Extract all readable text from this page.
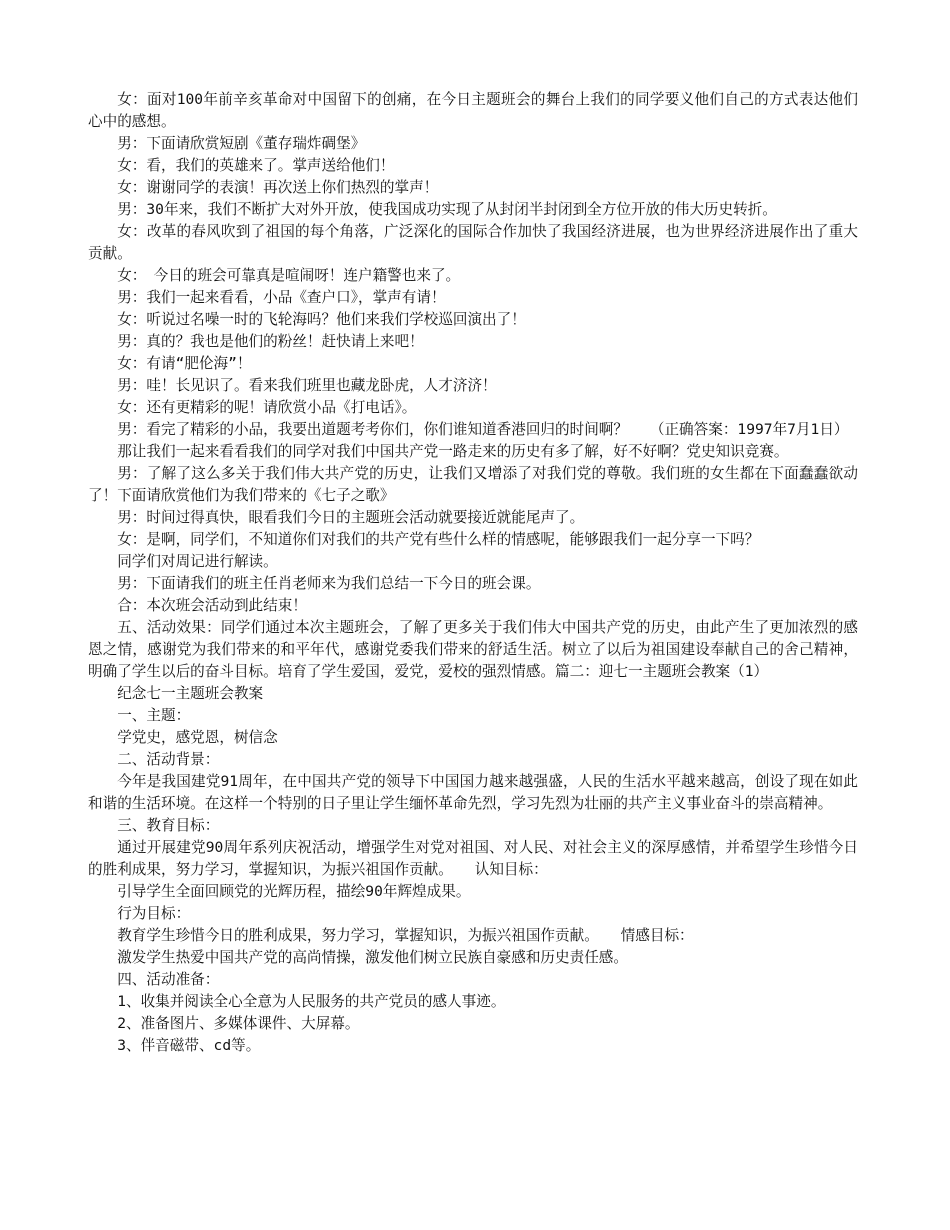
女：面对100年前辛亥革命对中国留下的创痛，在今日主题班会的舞台上我们的同学要义他们自己的方式表达他们心中的感想。

男：下面请欣赏短剧《董存瑞炸碉堡》

女：看，我们的英雄来了。掌声送给他们！

女：谢谢同学的表演！再次送上你们热烈的掌声！

男：30年来，我们不断扩大对外开放，使我国成功实现了从封闭半封闭到全方位开放的伟大历史转折。

女：改革的春风吹到了祖国的每个角落，广泛深化的国际合作加快了我国经济进展，也为世界经济进展作出了重大贡献。

女：　今日的班会可靠真是喧闹呀！连户籍警也来了。

男：我们一起来看看，小品《查户口》，掌声有请！

女：听说过名噪一时的飞轮海吗？他们来我们学校巡回演出了！

男：真的？我也是他们的粉丝！赶快请上来吧！

女：有请“肥伦海”！

男：哇！长见识了。看来我们班里也藏龙卧虎，人才济济！

女：还有更精彩的呢！请欣赏小品《打电话》。

男：看完了精彩的小品，我要出道题考考你们，你们谁知道香港回归的时间啊？　　（正确答案：1997年7月1日）

那让我们一起来看看我们的同学对我们中国共产党一路走来的历史有多了解，好不好啊？党史知识竞赛。

男：了解了这么多关于我们伟大共产党的历史，让我们又增添了对我们党的尊敬。我们班的女生都在下面蠢蠢欲动了！下面请欣赏他们为我们带来的《七子之歌》

男：时间过得真快，眼看我们今日的主题班会活动就要接近就能尾声了。

女：是啊，同学们，不知道你们对我们的共产党有些什么样的情感呢，能够跟我们一起分享一下吗？

同学们对周记进行解读。

男：下面请我们的班主任肖老师来为我们总结一下今日的班会课。

合：本次班会活动到此结束！

五、活动效果：同学们通过本次主题班会，了解了更多关于我们伟大中国共产党的历史，由此产生了更加浓烈的感恩之情，感谢党为我们带来的和平年代，感谢党委我们带来的舒适生活。树立了以后为祖国建设奉献自己的舍己精神，明确了学生以后的奋斗目标。培育了学生爱国，爱党，爱校的强烈情感。篇二：迎七一主题班会教案（1）

纪念七一主题班会教案

一、主题：

学党史，感党恩，树信念

二、活动背景：

今年是我国建党91周年，在中国共产党的领导下中国国力越来越强盛，人民的生活水平越来越高，创设了现在如此和谐的生活环境。在这样一个特别的日子里让学生缅怀革命先烈，学习先烈为壮丽的共产主义事业奋斗的崇高精神。

三、教育目标：

通过开展建党90周年系列庆祝活动，增强学生对党对祖国、对人民、对社会主义的深厚感情，并希望学生珍惜今日的胜利成果，努力学习，掌握知识，为振兴祖国作贡献。　　认知目标：

引导学生全面回顾党的光辉历程，描绘90年辉煌成果。

行为目标：

教育学生珍惜今日的胜利成果，努力学习，掌握知识，为振兴祖国作贡献。　　情感目标：

激发学生热爱中国共产党的高尚情操，激发他们树立民族自豪感和历史责任感。

四、活动准备：

1、收集并阅读全心全意为人民服务的共产党员的感人事迹。

2、准备图片、多媒体课件、大屏幕。

3、伴音磁带、cd等。
